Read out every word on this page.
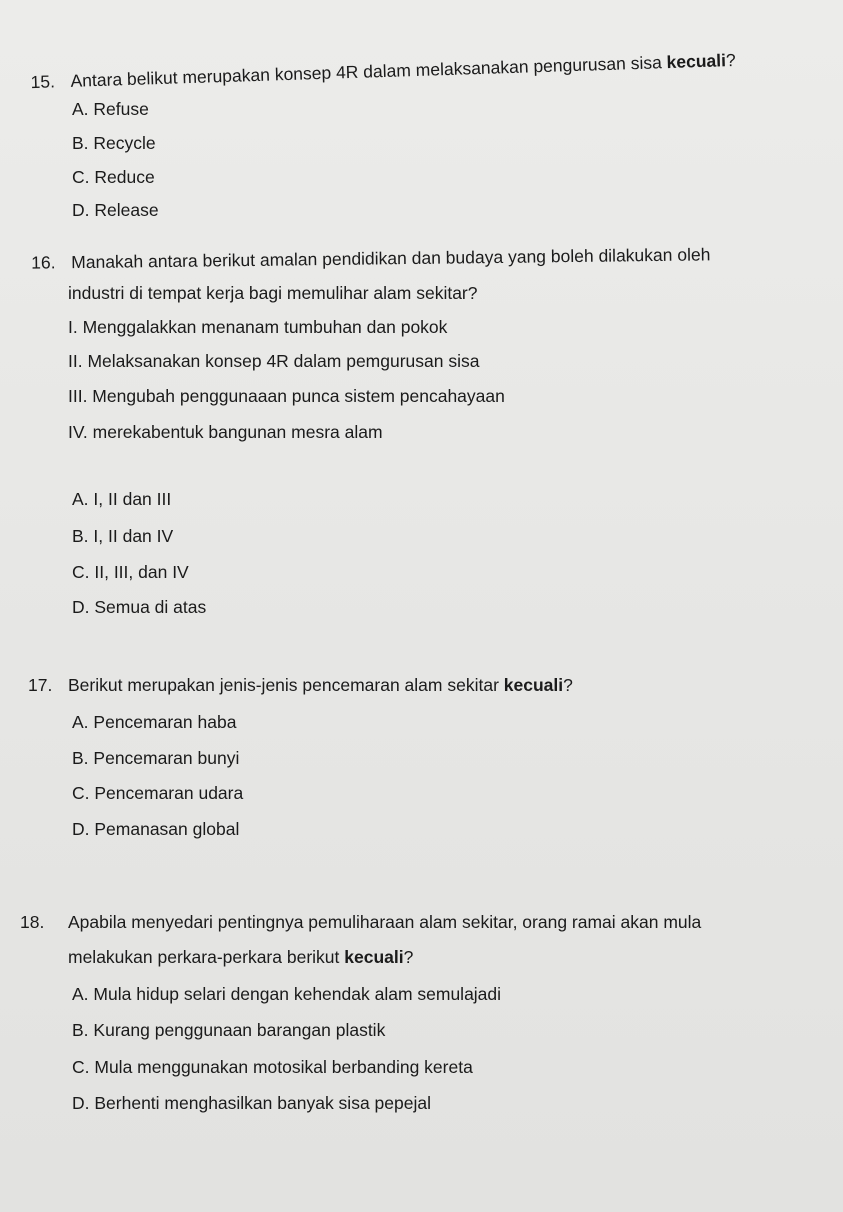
15. Antara belikut merupakan konsep 4R dalam melaksanakan pengurusan sisa kecuali?
A. Refuse
B. Recycle
C. Reduce
D. Release
16. Manakah antara berikut amalan pendidikan dan budaya yang boleh dilakukan oleh
industri di tempat kerja bagi memulihar alam sekitar?
I. Menggalakkan menanam tumbuhan dan pokok
II. Melaksanakan konsep 4R dalam pemgurusan sisa
III. Mengubah penggunaaan punca sistem pencahayaan
IV. merekabentuk bangunan mesra alam
A. I, II dan III
B. I, II dan IV
C. II, III, dan IV
D. Semua di atas
17. Berikut merupakan jenis-jenis pencemaran alam sekitar kecuali?
A. Pencemaran haba
B. Pencemaran bunyi
C. Pencemaran udara
D. Pemanasan global
18. Apabila menyedari pentingnya pemuliharaan alam sekitar, orang ramai akan mula
melakukan perkara-perkara berikut kecuali?
A. Mula hidup selari dengan kehendak alam semulajadi
B. Kurang penggunaan barangan plastik
C. Mula menggunakan motosikal berbanding kereta
D. Berhenti menghasilkan banyak sisa pepejal
